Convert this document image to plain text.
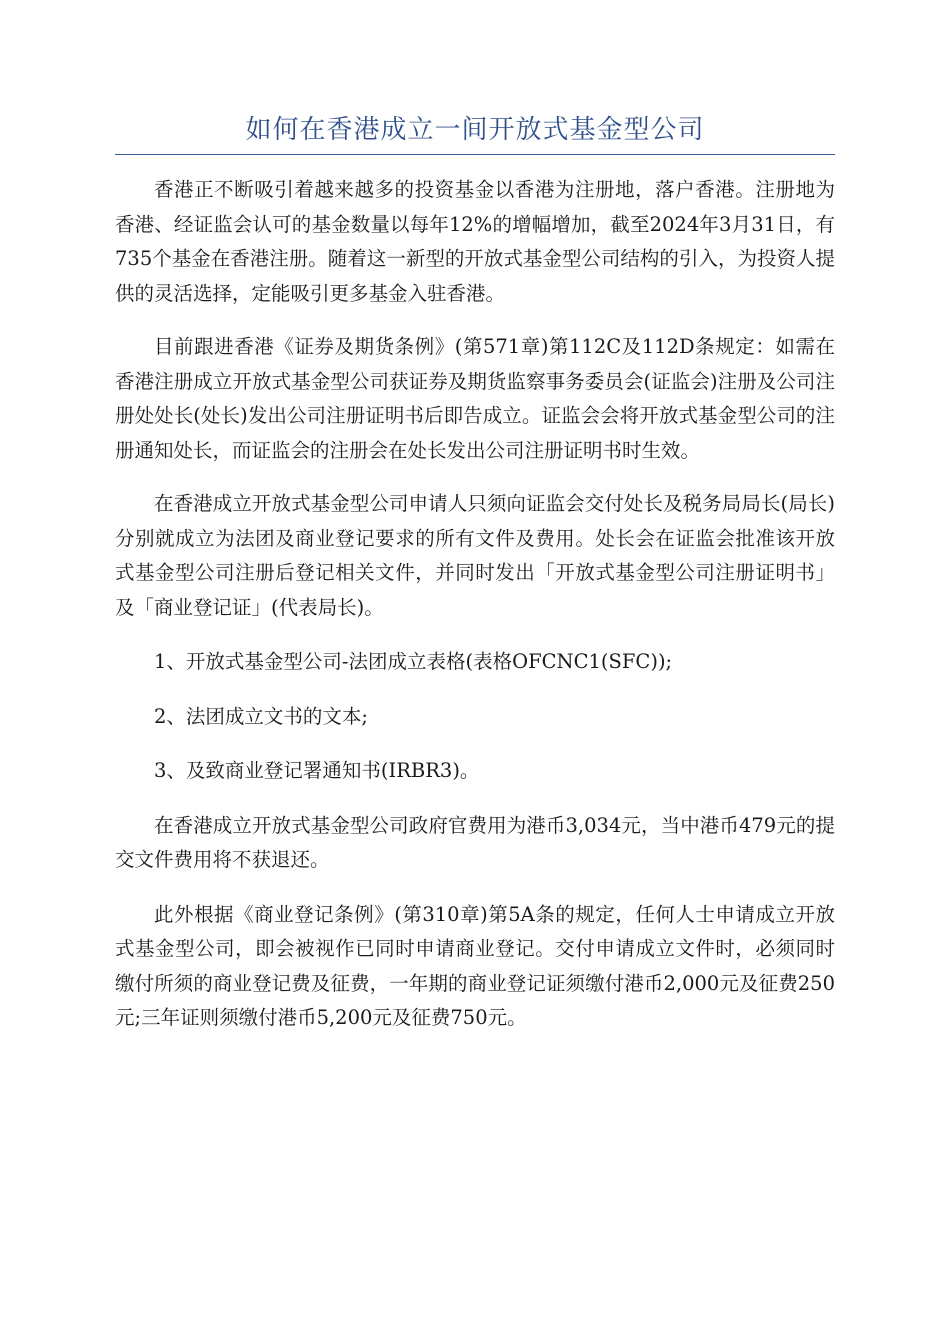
如何在香港成立一间开放式基金型公司

香港正不断吸引着越来越多的投资基金以香港为注册地，落户香港。注册地为香港、经证监会认可的基金数量以每年12%的增幅增加，截至2024年3月31日，有735个基金在香港注册。随着这一新型的开放式基金型公司结构的引入，为投资人提供的灵活选择，定能吸引更多基金入驻香港。

目前跟进香港《证券及期货条例》(第571章)第112C及112D条规定：如需在香港注册成立开放式基金型公司获证券及期货监察事务委员会(证监会)注册及公司注册处处长(处长)发出公司注册证明书后即告成立。证监会会将开放式基金型公司的注册通知处长，而证监会的注册会在处长发出公司注册证明书时生效。

在香港成立开放式基金型公司申请人只须向证监会交付处长及税务局局长(局长)分别就成立为法团及商业登记要求的所有文件及费用。处长会在证监会批准该开放式基金型公司注册后登记相关文件，并同时发出「开放式基金型公司注册证明书」及「商业登记证」(代表局长)。

1、开放式基金型公司-法团成立表格(表格OFCNC1(SFC));

2、法团成立文书的文本;

3、及致商业登记署通知书(IRBR3)。

在香港成立开放式基金型公司政府官费用为港币3,034元，当中港币479元的提交文件费用将不获退还。

此外根据《商业登记条例》(第310章)第5A条的规定，任何人士申请成立开放式基金型公司，即会被视作已同时申请商业登记。交付申请成立文件时，必须同时缴付所须的商业登记费及征费，一年期的商业登记证须缴付港币2,000元及征费250元;三年证则须缴付港币5,200元及征费750元。
